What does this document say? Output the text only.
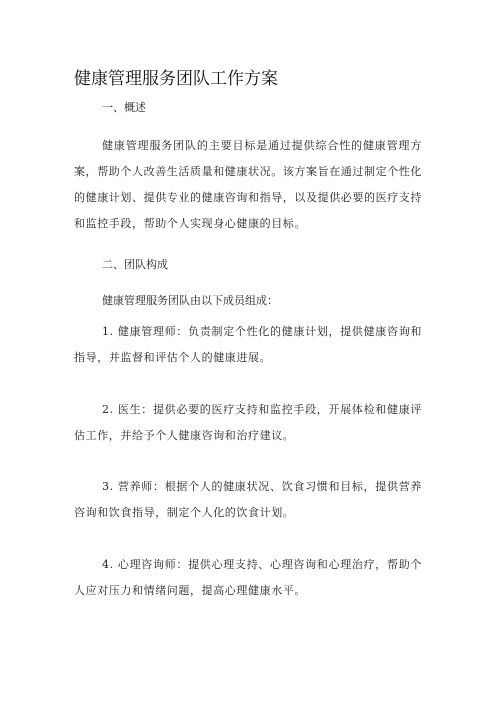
健康管理服务团队工作方案

一、概述

健康管理服务团队的主要目标是通过提供综合性的健康管理方案，帮助个人改善生活质量和健康状况。该方案旨在通过制定个性化的健康计划、提供专业的健康咨询和指导，以及提供必要的医疗支持和监控手段，帮助个人实现身心健康的目标。

二、团队构成

健康管理服务团队由以下成员组成：

1. 健康管理师：负责制定个性化的健康计划，提供健康咨询和指导，并监督和评估个人的健康进展。

2. 医生：提供必要的医疗支持和监控手段，开展体检和健康评估工作，并给予个人健康咨询和治疗建议。

3. 营养师：根据个人的健康状况、饮食习惯和目标，提供营养咨询和饮食指导，制定个人化的饮食计划。

4. 心理咨询师：提供心理支持、心理咨询和心理治疗，帮助个人应对压力和情绪问题，提高心理健康水平。
